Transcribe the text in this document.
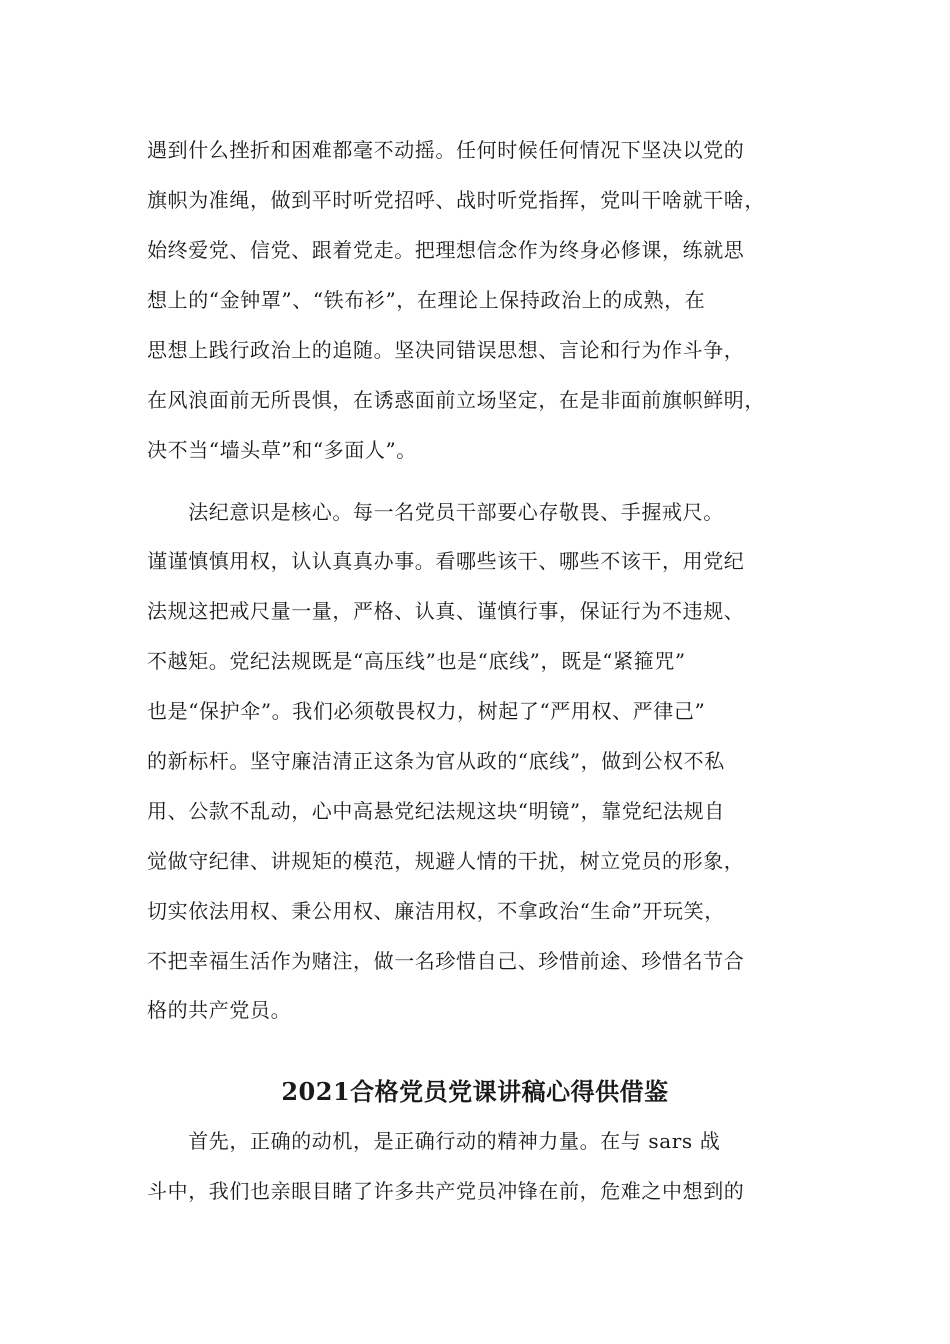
遇到什么挫折和困难都毫不动摇。任何时候任何情况下坚决以党的
旗帜为准绳，做到平时听党招呼、战时听党指挥，党叫干啥就干啥，
始终爱党、信党、跟着党走。把理想信念作为终身必修课，练就思
想上的“金钟罩”、“铁布衫”，在理论上保持政治上的成熟，在
思想上践行政治上的追随。坚决同错误思想、言论和行为作斗争，
在风浪面前无所畏惧，在诱惑面前立场坚定，在是非面前旗帜鲜明，
决不当“墙头草”和“多面人”。
　　法纪意识是核心。每一名党员干部要心存敬畏、手握戒尺。
谨谨慎慎用权，认认真真办事。看哪些该干、哪些不该干，用党纪
法规这把戒尺量一量，严格、认真、谨慎行事，保证行为不违规、
不越矩。党纪法规既是“高压线”也是“底线”，既是“紧箍咒”
也是“保护伞”。我们必须敬畏权力，树起了“严用权、严律己”
的新标杆。坚守廉洁清正这条为官从政的“底线”，做到公权不私
用、公款不乱动，心中高悬党纪法规这块“明镜”，靠党纪法规自
觉做守纪律、讲规矩的模范，规避人情的干扰，树立党员的形象，
切实依法用权、秉公用权、廉洁用权，不拿政治“生命”开玩笑，
不把幸福生活作为赌注，做一名珍惜自己、珍惜前途、珍惜名节合
格的共产党员。
2021合格党员党课讲稿心得供借鉴
　　首先，正确的动机，是正确行动的精神力量。在与 sars 战
斗中，我们也亲眼目睹了许多共产党员冲锋在前，危难之中想到的
